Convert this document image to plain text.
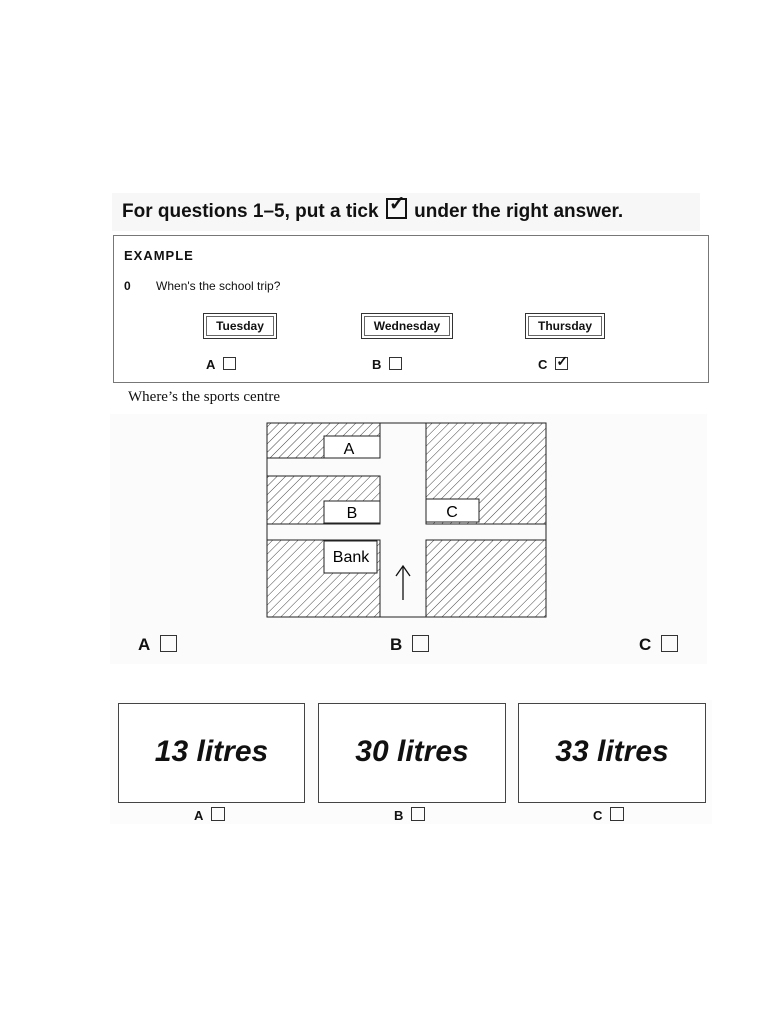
For questions 1–5, put a tick ✓ under the right answer.
EXAMPLE
0 When's the school trip?
Tuesday	Wednesday	Thursday
A	B	C ✓
Where’s the sports centre
A
B	C
Bank
A	B	C
13 litres	30 litres	33 litres
A	B	C
